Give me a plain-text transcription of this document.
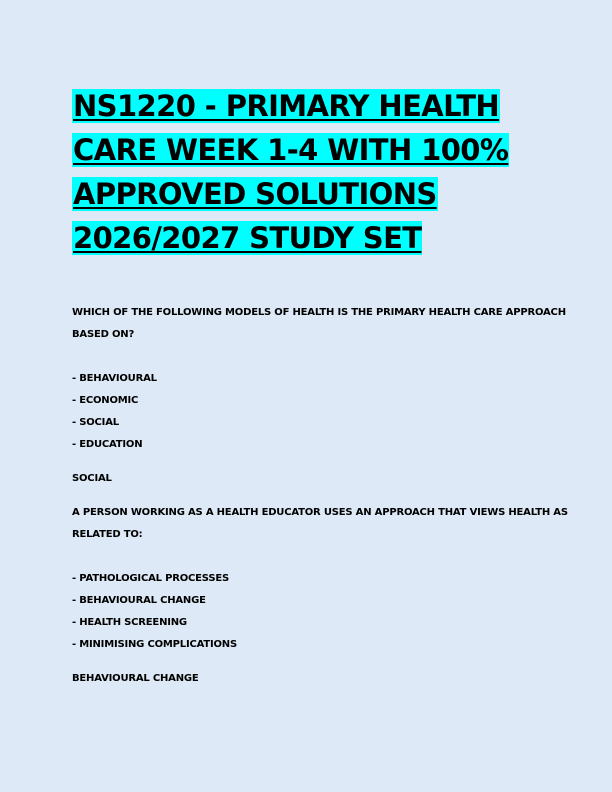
NS1220 - PRIMARY HEALTH
CARE WEEK 1-4 WITH 100%
APPROVED SOLUTIONS
2026/2027 STUDY SET
WHICH OF THE FOLLOWING MODELS OF HEALTH IS THE PRIMARY HEALTH CARE APPROACH
BASED ON?
- BEHAVIOURAL
- ECONOMIC
- SOCIAL
- EDUCATION
SOCIAL
A PERSON WORKING AS A HEALTH EDUCATOR USES AN APPROACH THAT VIEWS HEALTH AS
RELATED TO:
- PATHOLOGICAL PROCESSES
- BEHAVIOURAL CHANGE
- HEALTH SCREENING
- MINIMISING COMPLICATIONS
BEHAVIOURAL CHANGE
